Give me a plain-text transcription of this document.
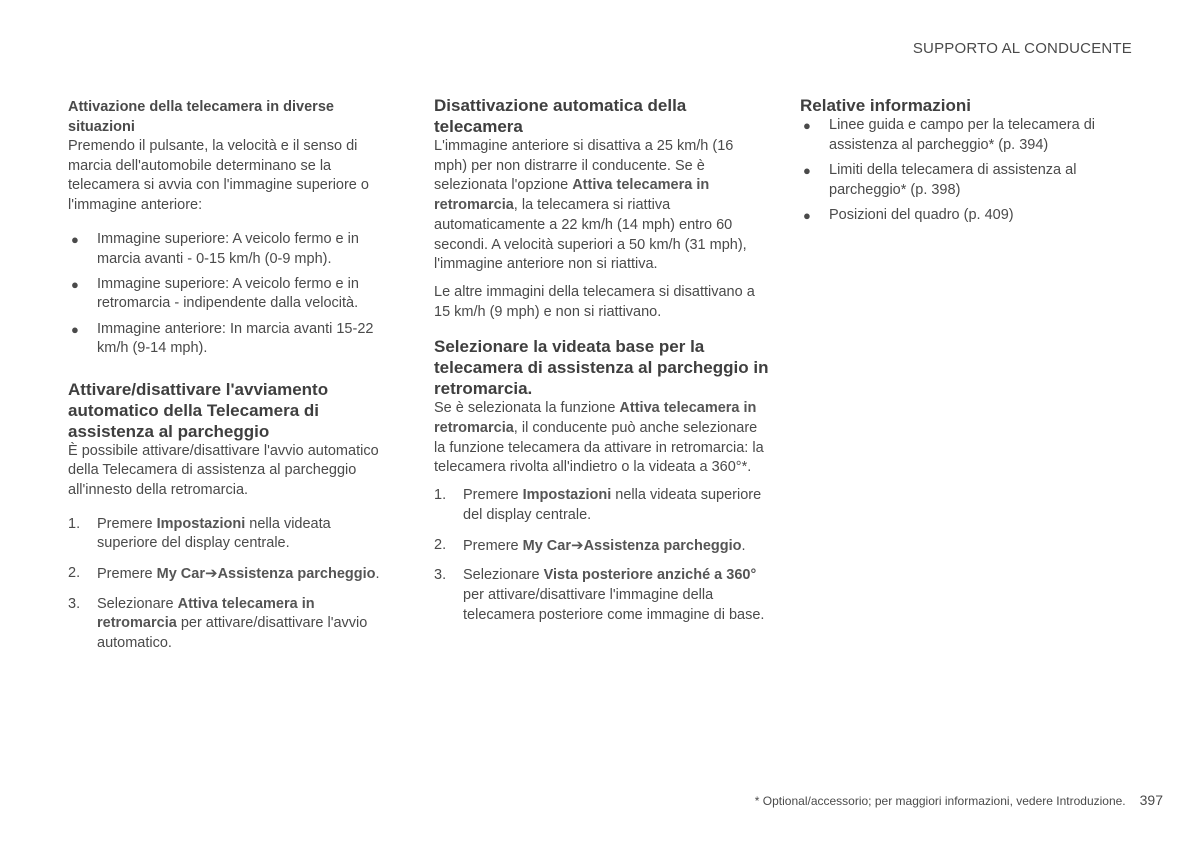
SUPPORTO AL CONDUCENTE
Attivazione della telecamera in diverse situazioni

Premendo il pulsante, la velocità e il senso di marcia dell'automobile determinano se la telecamera si avvia con l'immagine superiore o l'immagine anteriore:

● Immagine superiore: A veicolo fermo e in marcia avanti - 0-15 km/h (0-9 mph).
● Immagine superiore: A veicolo fermo e in retromarcia - indipendente dalla velocità.
● Immagine anteriore: In marcia avanti 15-22 km/h (9-14 mph).
Attivare/disattivare l'avviamento automatico della Telecamera di assistenza al parcheggio

È possibile attivare/disattivare l'avvio automatico della Telecamera di assistenza al parcheggio all'innesto della retromarcia.

1. Premere Impostazioni nella videata superiore del display centrale.
2. Premere My Car➔Assistenza parcheggio.
3. Selezionare Attiva telecamera in retromarcia per attivare/disattivare l'avvio automatico.
Disattivazione automatica della telecamera

L'immagine anteriore si disattiva a 25 km/h (16 mph) per non distrarre il conducente. Se è selezionata l'opzione Attiva telecamera in retromarcia, la telecamera si riattiva automaticamente a 22 km/h (14 mph) entro 60 secondi. A velocità superiori a 50 km/h (31 mph), l'immagine anteriore non si riattiva.

Le altre immagini della telecamera si disattivano a 15 km/h (9 mph) e non si riattivano.

Selezionare la videata base per la telecamera di assistenza al parcheggio in retromarcia.

Se è selezionata la funzione Attiva telecamera in retromarcia, il conducente può anche selezionare la funzione telecamera da attivare in retromarcia: la telecamera rivolta all'indietro o la videata a 360°*.

1. Premere Impostazioni nella videata superiore del display centrale.
2. Premere My Car➔Assistenza parcheggio.
3. Selezionare Vista posteriore anziché a 360° per attivare/disattivare l'immagine della telecamera posteriore come immagine di base.
Relative informazioni
● Linee guida e campo per la telecamera di assistenza al parcheggio* (p. 394)
● Limiti della telecamera di assistenza al parcheggio* (p. 398)
● Posizioni del quadro (p. 409)
* Optional/accessorio; per maggiori informazioni, vedere Introduzione. 397
